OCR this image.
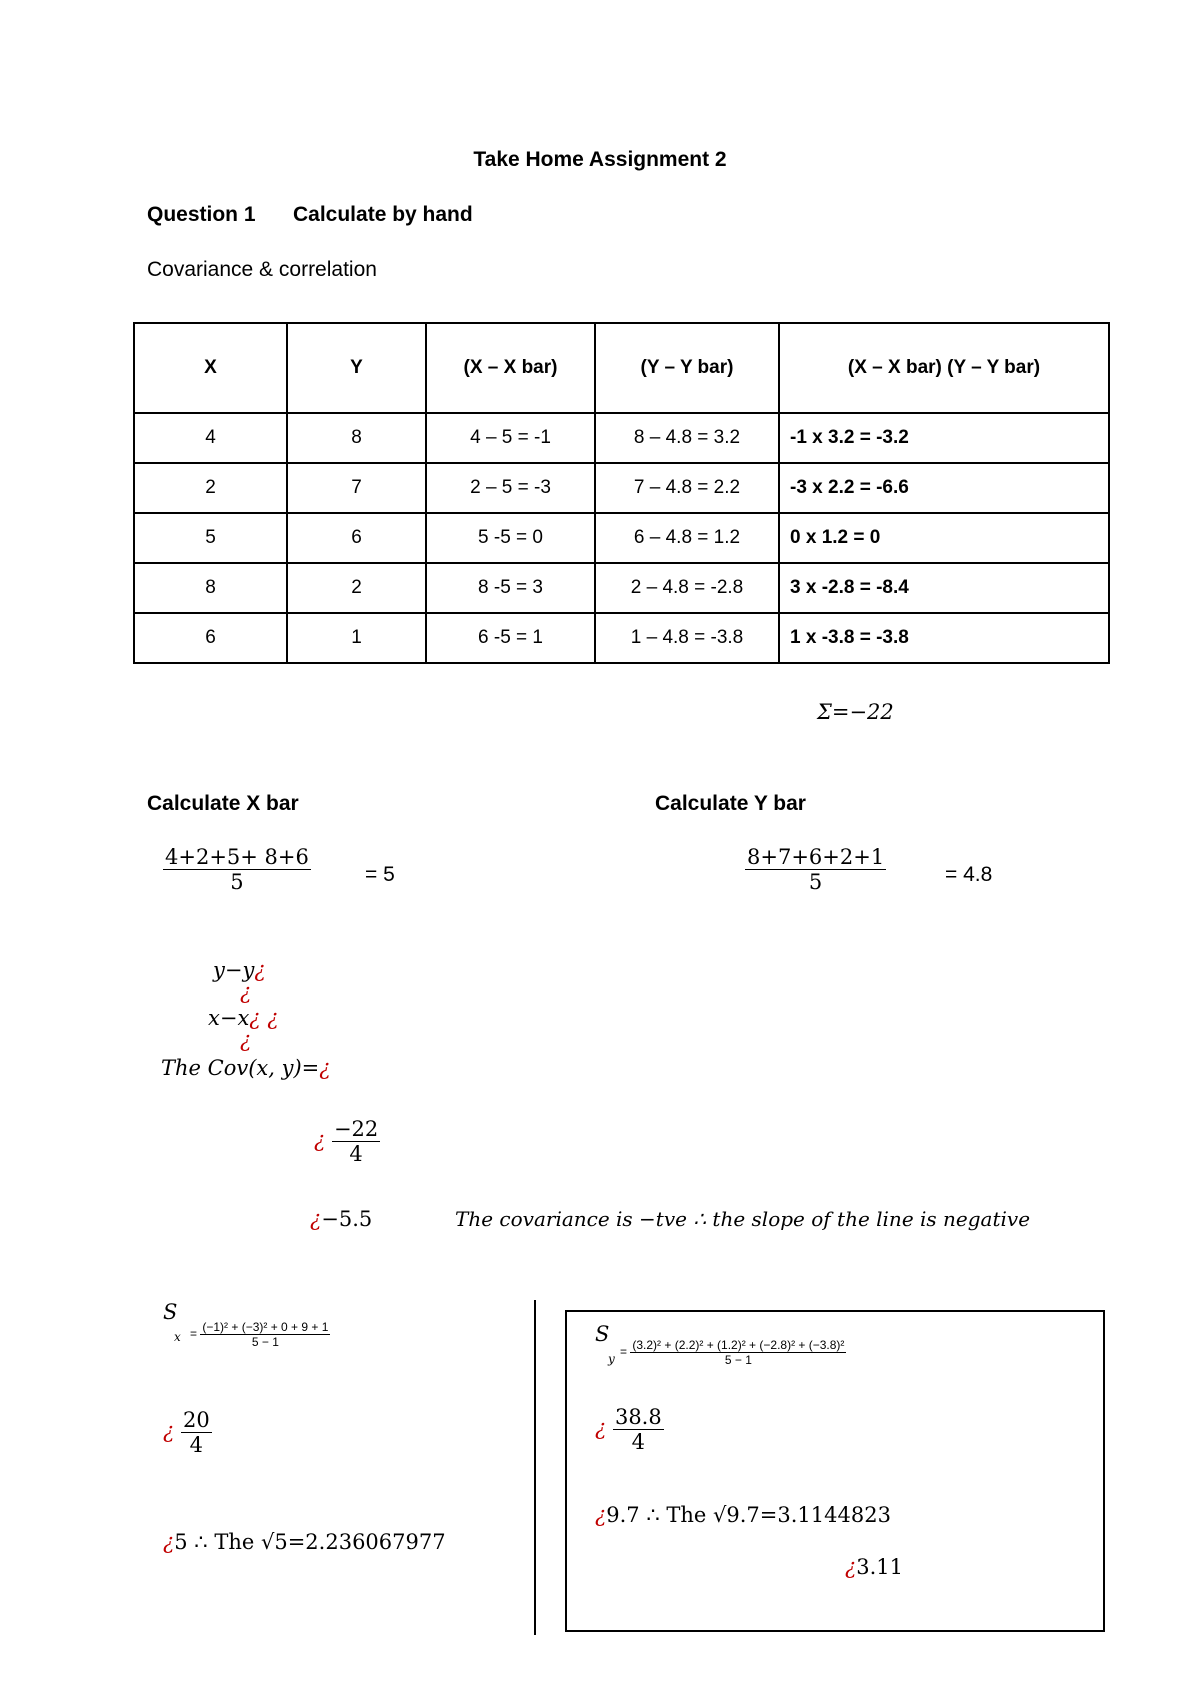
Take Home Assignment 2
Question 1 Calculate by hand
Covariance & correlation
X	Y	(X – X bar)	(Y – Y bar)	(X – X bar) (Y – Y bar)
4	8	4 – 5 = -1	8 – 4.8 = 3.2	-1 x 3.2 = -3.2
2	7	2 – 5 = -3	7 – 4.8 = 2.2	-3 x 2.2 = -6.6
5	6	5 -5 = 0	6 – 4.8 = 1.2	0 x 1.2 = 0
8	2	8 -5 = 3	2 – 4.8 = -2.8	3 x -2.8 = -8.4
6	1	6 -5 = 1	1 – 4.8 = -3.8	1 x -3.8 = -3.8
Σ=−22
Calculate X bar
$\frac{4+2+5+ 8+6}{5}$	= 5
Calculate Y bar
$\frac{8+7+6+2+1}{5}$	= 4.8
y−y¿
¿
x−x¿ ¿
¿
The Cov(x, y)=¿
¿ $\frac{-22}{4}$
¿−5.5	The covariance is −tve ∴ the slope of the line is negative
S
$x = \frac{\text{(−1)² + (−3)² + 0 + 9 + 1}}{5 - 1}$
¿ $\frac{20}{4}$
¿5 ∴ The √5=2.236067977
S
y
= $\frac{\text{(3.2)² + (2.2)² + (1.2)² + (−2.8)² + (−3.8)²}}{5 - 1}$
¿ $\frac{38.8}{4}$
¿9.7 ∴ The √9.7=3.1144823
¿3.11
